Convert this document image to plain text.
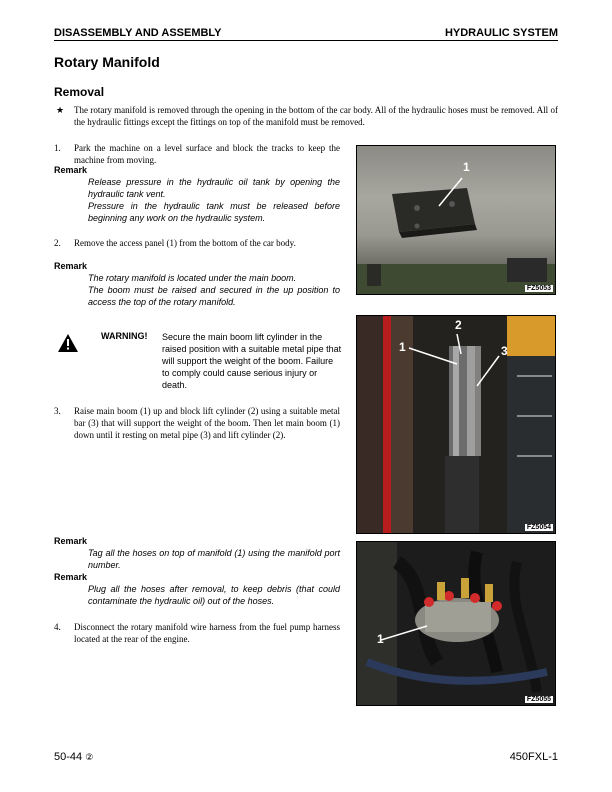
DISASSEMBLY AND ASSEMBLY	HYDRAULIC SYSTEM
Rotary Manifold
Removal
★ The rotary manifold is removed through the opening in the bottom of the car body. All of the hydraulic hoses must be removed. All of the hydraulic fittings except the fittings on top of the manifold must be removed.
1.	Park the machine on a level surface and block the tracks to keep the machine from moving.
Remark
Release pressure in the hydraulic oil tank by opening the hydraulic tank vent.
Pressure in the hydraulic tank must be released before beginning any work on the hydraulic system.
2.	Remove the access panel (1) from the bottom of the car body.
Remark
The rotary manifold is located under the main boom.
The boom must be raised and secured in the up position to access the top of the rotary manifold.
WARNING! Secure the main boom lift cylinder in the raised position with a suitable metal pipe that will support the weight of the boom. Failure to comply could cause serious injury or death.
3.	Raise main boom (1) up and block lift cylinder (2) using a suitable metal bar (3) that will support the weight of the boom. Then let main boom (1) down until it resting on metal pipe (3) and lift cylinder (2).
Remark
Tag all the hoses on top of manifold (1) using the manifold port number.
Remark
Plug all the hoses after removal, to keep debris (that could contaminate the hydraulic oil) out of the hoses.
4.	Disconnect the rotary manifold wire harness from the fuel pump harness located at the rear of the engine.
1
FZ5053
1
2
3
FZ5054
1
FZ5055
50-44 ②	450FXL-1
